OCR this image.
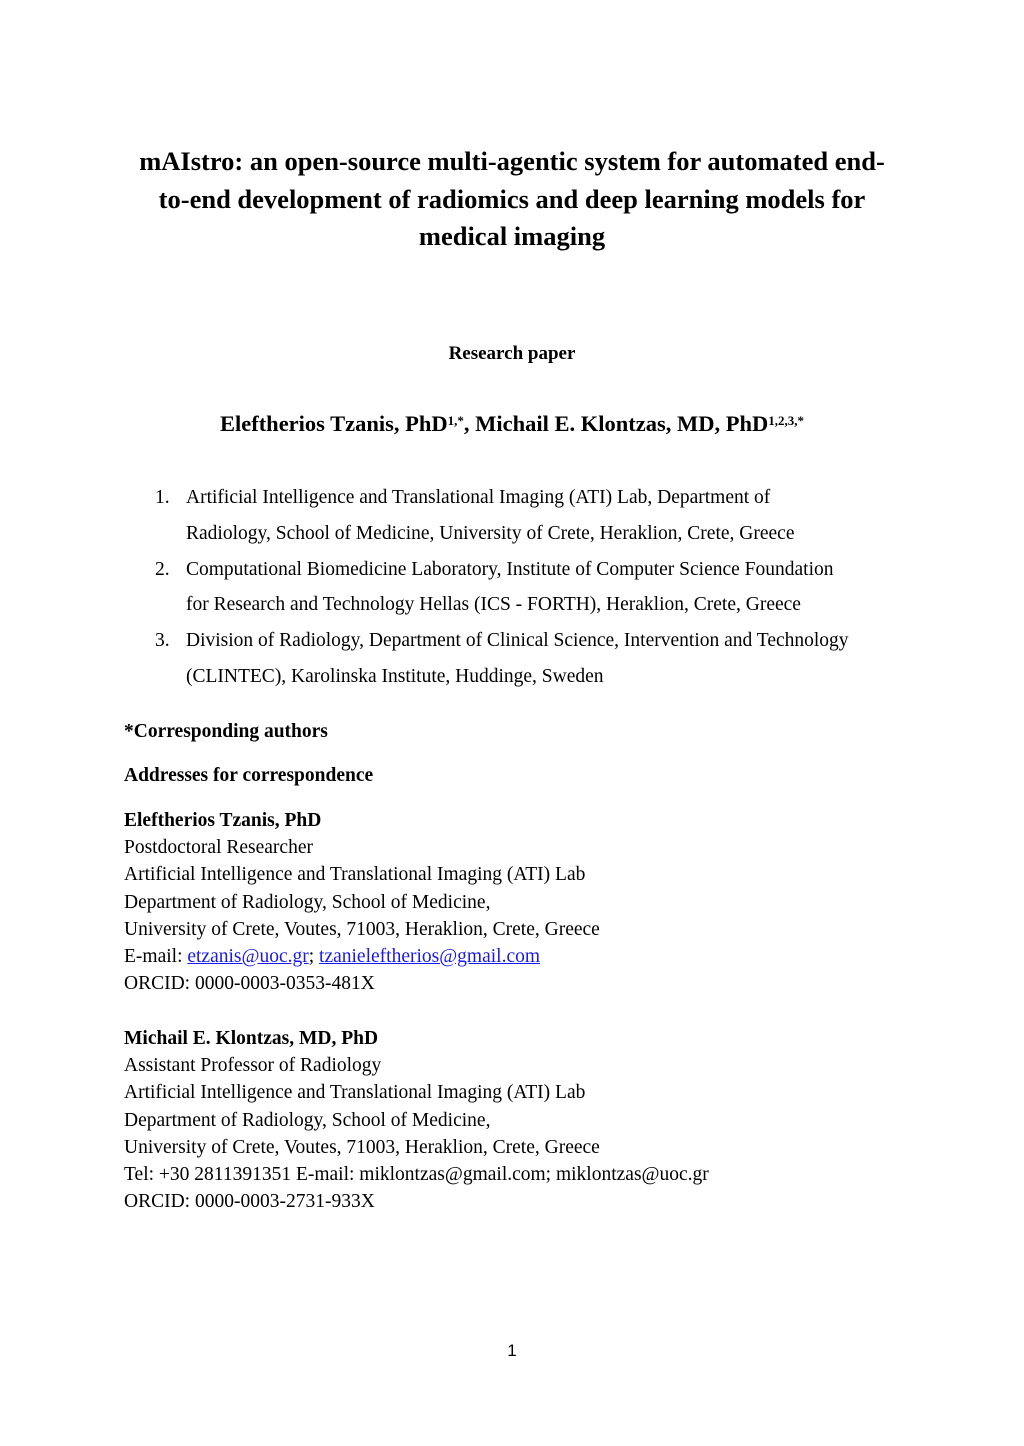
mAIstro: an open-source multi-agentic system for automated end-
to-end development of radiomics and deep learning models for
medical imaging
Research paper
Eleftherios Tzanis, PhD$^{1,*}$, Michail E. Klontzas, MD, PhD$^{1,2,3,*}$
1. Artificial Intelligence and Translational Imaging (ATI) Lab, Department of
Radiology, School of Medicine, University of Crete, Heraklion, Crete, Greece
2. Computational Biomedicine Laboratory, Institute of Computer Science Foundation
for Research and Technology Hellas (ICS - FORTH), Heraklion, Crete, Greece
3. Division of Radiology, Department of Clinical Science, Intervention and Technology
(CLINTEC), Karolinska Institute, Huddinge, Sweden
*Corresponding authors
Addresses for correspondence
Eleftherios Tzanis, PhD
Postdoctoral Researcher
Artificial Intelligence and Translational Imaging (ATI) Lab
Department of Radiology, School of Medicine,
University of Crete, Voutes, 71003, Heraklion, Crete, Greece
E-mail: etzanis@uoc.gr; tzanieleftherios@gmail.com
ORCID: 0000-0003-0353-481X
Michail E. Klontzas, MD, PhD
Assistant Professor of Radiology
Artificial Intelligence and Translational Imaging (ATI) Lab
Department of Radiology, School of Medicine,
University of Crete, Voutes, 71003, Heraklion, Crete, Greece
Tel: +30 2811391351 E-mail: miklontzas@gmail.com; miklontzas@uoc.gr
ORCID: 0000-0003-2731-933X
1
